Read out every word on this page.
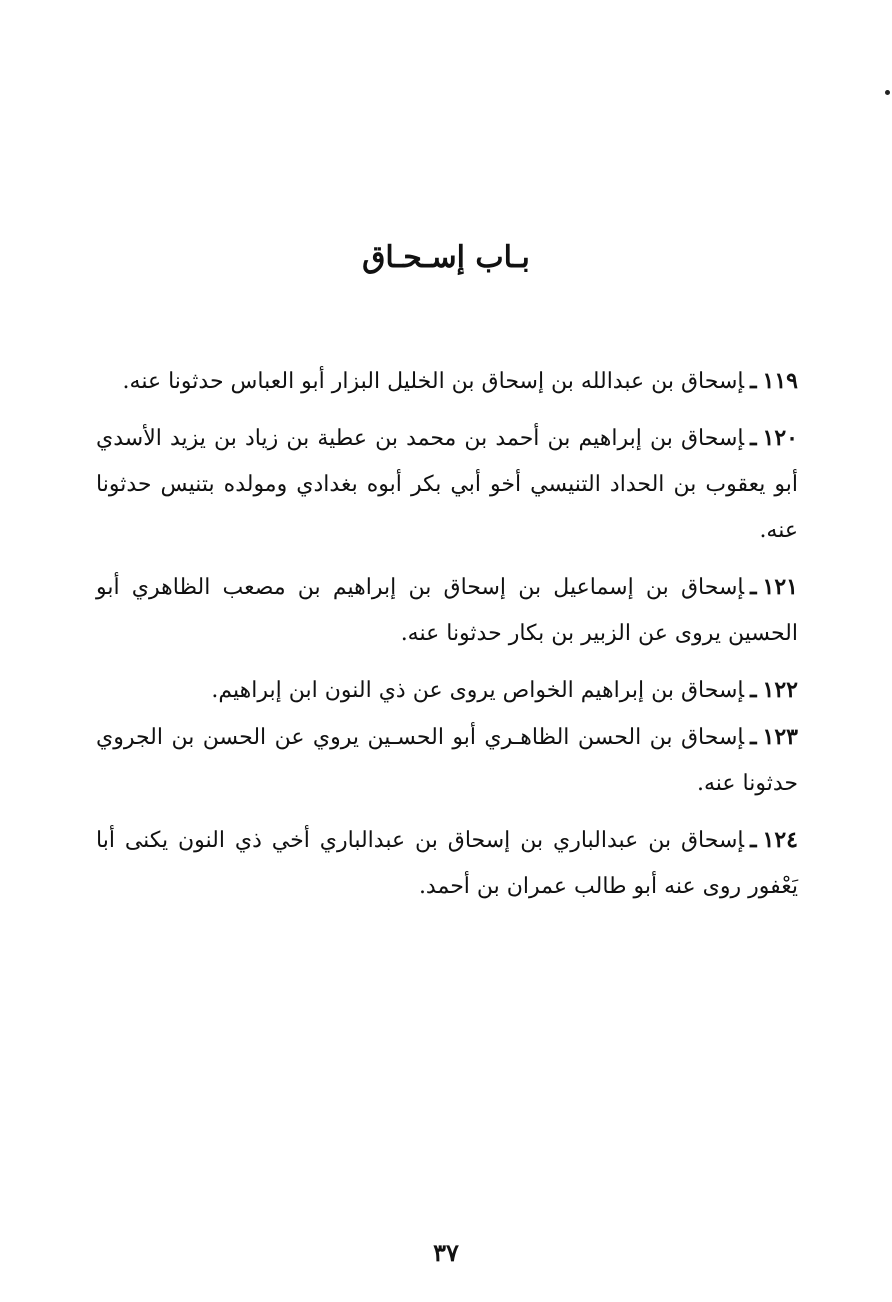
بـاب إسـحـاق

١١٩ـإسحاق بن عبدالله بن إسحاق بن الخليل البزار أبو العباس حدثونا عنه.

١٢٠ـإسحاق بن إبراهيم بن أحمد بن محمد بن عطية بن زياد بن يزيد الأسدي أبو يعقوب بن الحداد التنيسي أخو أبي بكر أبوه بغدادي ومولده بتنيس حدثونا عنه.

١٢١ـإسحاق بن إسماعيل بن إسحاق بن إبراهيم بن مصعب الظاهري أبو الحسين يروى عن الزبير بن بكار حدثونا عنه.

١٢٢ـإسحاق بن إبراهيم الخواص يروى عن ذي النون ابن إبراهيم.

١٢٣ـإسحاق بن الحسن الظاهـري أبو الحسـين يروي عن الحسن بن الجروي حدثونا عنه.

١٢٤ـإسحاق بن عبدالباري بن إسحاق بن عبدالباري أخي ذي النون يكنى أبا يَعْفور روى عنه أبو طالب عمران بن أحمد.

٣٧
